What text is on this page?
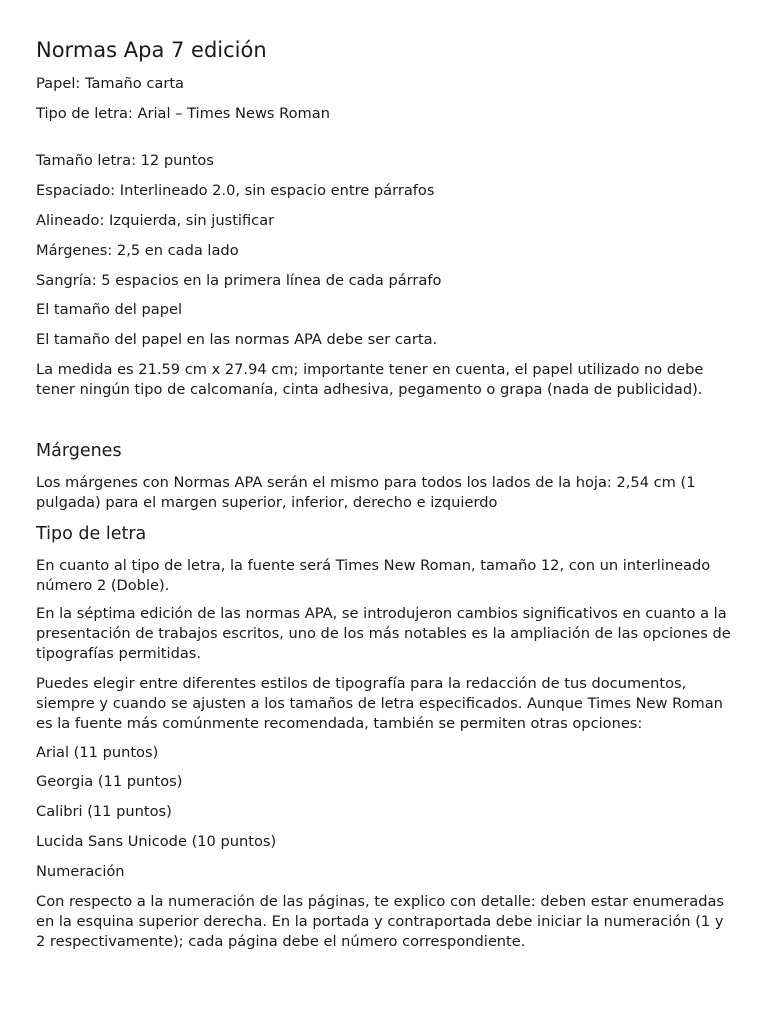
Normas Apa 7 edición

Papel: Tamaño carta

Tipo de letra: Arial – Times News Roman

Tamaño letra: 12 puntos

Espaciado: Interlineado 2.0, sin espacio entre párrafos

Alineado: Izquierda, sin justificar

Márgenes: 2,5 en cada lado

Sangría: 5 espacios en la primera línea de cada párrafo

El tamaño del papel

El tamaño del papel en las normas APA debe ser carta.

La medida es 21.59 cm x 27.94 cm; importante tener en cuenta, el papel utilizado no debe tener ningún tipo de calcomanía, cinta adhesiva, pegamento o grapa (nada de publicidad).

Márgenes

Los márgenes con Normas APA serán el mismo para todos los lados de la hoja: 2,54 cm (1 pulgada) para el margen superior, inferior, derecho e izquierdo

Tipo de letra

En cuanto al tipo de letra, la fuente será Times New Roman, tamaño 12, con un interlineado número 2 (Doble).

En la séptima edición de las normas APA, se introdujeron cambios significativos en cuanto a la presentación de trabajos escritos, uno de los más notables es la ampliación de las opciones de tipografías permitidas.

Puedes elegir entre diferentes estilos de tipografía para la redacción de tus documentos, siempre y cuando se ajusten a los tamaños de letra especificados. Aunque Times New Roman es la fuente más comúnmente recomendada, también se permiten otras opciones:

Arial (11 puntos)

Georgia (11 puntos)

Calibri (11 puntos)

Lucida Sans Unicode (10 puntos)

Numeración

Con respecto a la numeración de las páginas, te explico con detalle: deben estar enumeradas en la esquina superior derecha. En la portada y contraportada debe iniciar la numeración (1 y 2 respectivamente); cada página debe el número correspondiente.
